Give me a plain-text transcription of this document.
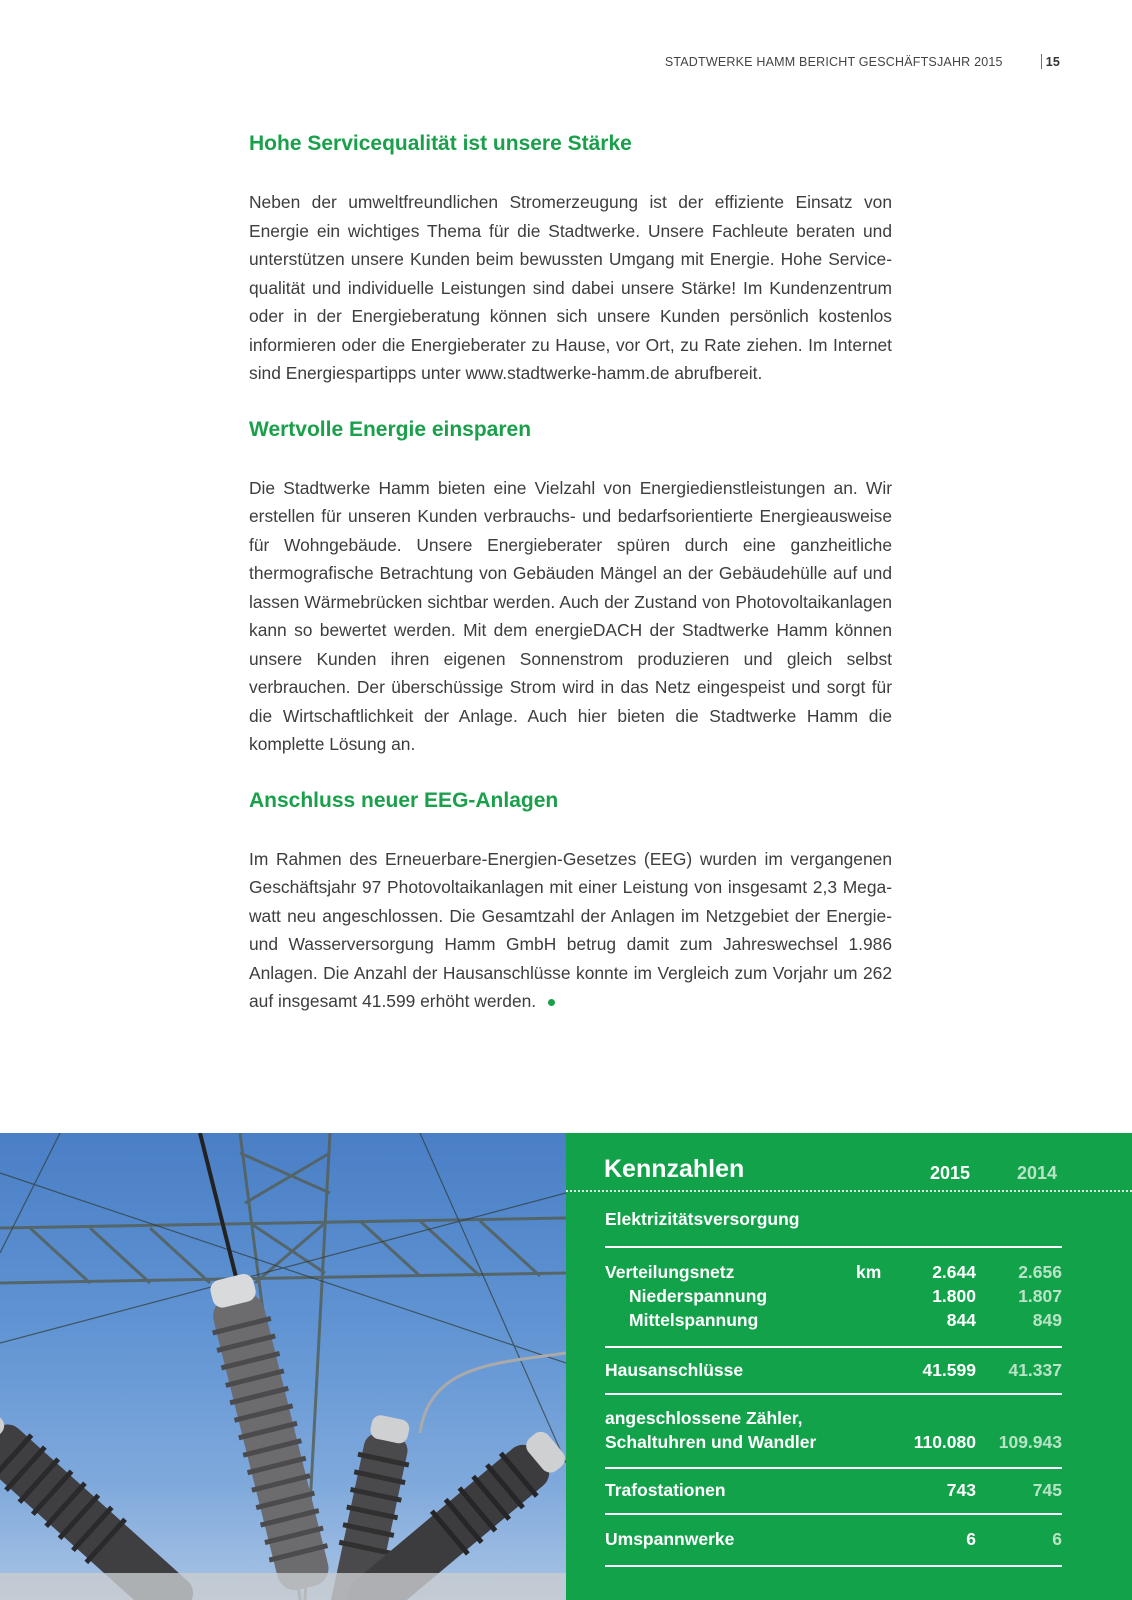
STADTWERKE HAMM BERICHT GESCHÄFTSJAHR 2015	15
Hohe Servicequalität ist unsere Stärke

Neben der umweltfreundlichen Stromerzeugung ist der effiziente Einsatz von Energie ein wichtiges Thema für die Stadtwerke. Unsere Fachleute beraten und unterstützen unsere Kunden beim bewussten Umgang mit Energie. Hohe Servicequalität und individuelle Leistungen sind dabei unsere Stärke! Im Kundenzentrum oder in der Energieberatung können sich unsere Kunden persönlich kostenlos informieren oder die Energieberater zu Hause, vor Ort, zu Rate ziehen. Im Internet sind Energiespartipps unter www.stadtwerke-hamm.de abrufbereit.

Wertvolle Energie einsparen

Die Stadtwerke Hamm bieten eine Vielzahl von Energiedienstleistungen an. Wir erstellen für unseren Kunden verbrauchs- und bedarfsorientierte Energieausweise für Wohngebäude. Unsere Energieberater spüren durch eine ganzheitliche thermografische Betrachtung von Gebäuden Mängel an der Gebäudehülle auf und lassen Wärmebrücken sichtbar werden. Auch der Zustand von Photovoltaikanlagen kann so bewertet werden. Mit dem energieDACH der Stadtwerke Hamm können unsere Kunden ihren eigenen Sonnenstrom produzieren und gleich selbst verbrauchen. Der überschüssige Strom wird in das Netz eingespeist und sorgt für die Wirtschaftlichkeit der Anlage. Auch hier bieten die Stadtwerke Hamm die komplette Lösung an.

Anschluss neuer EEG-Anlagen

Im Rahmen des Erneuerbare-Energien-Gesetzes (EEG) wurden im vergangenen Geschäftsjahr 97 Photovoltaikanlagen mit einer Leistung von insgesamt 2,3 Megawatt neu angeschlossen. Die Gesamtzahl der Anlagen im Netzgebiet der Energie- und Wasserversorgung Hamm GmbH betrug damit zum Jahreswechsel 1.986 Anlagen. Die Anzahl der Hausanschlüsse konnte im Vergleich zum Vorjahr um 262 auf insgesamt 41.599 erhöht werden.

Kennzahlen	2015	2014
Elektrizitätsversorgung
Verteilungsnetz	km	2.644 2.656
Niederspannung	1.800 1.807
Mittelspannung	844	849
Hausanschlüsse	41.599 41.337
angeschlossene Zähler,
Schaltuhren und Wandler	110.080 109.943
Trafostationen	743	745
Umspannwerke	6	6
